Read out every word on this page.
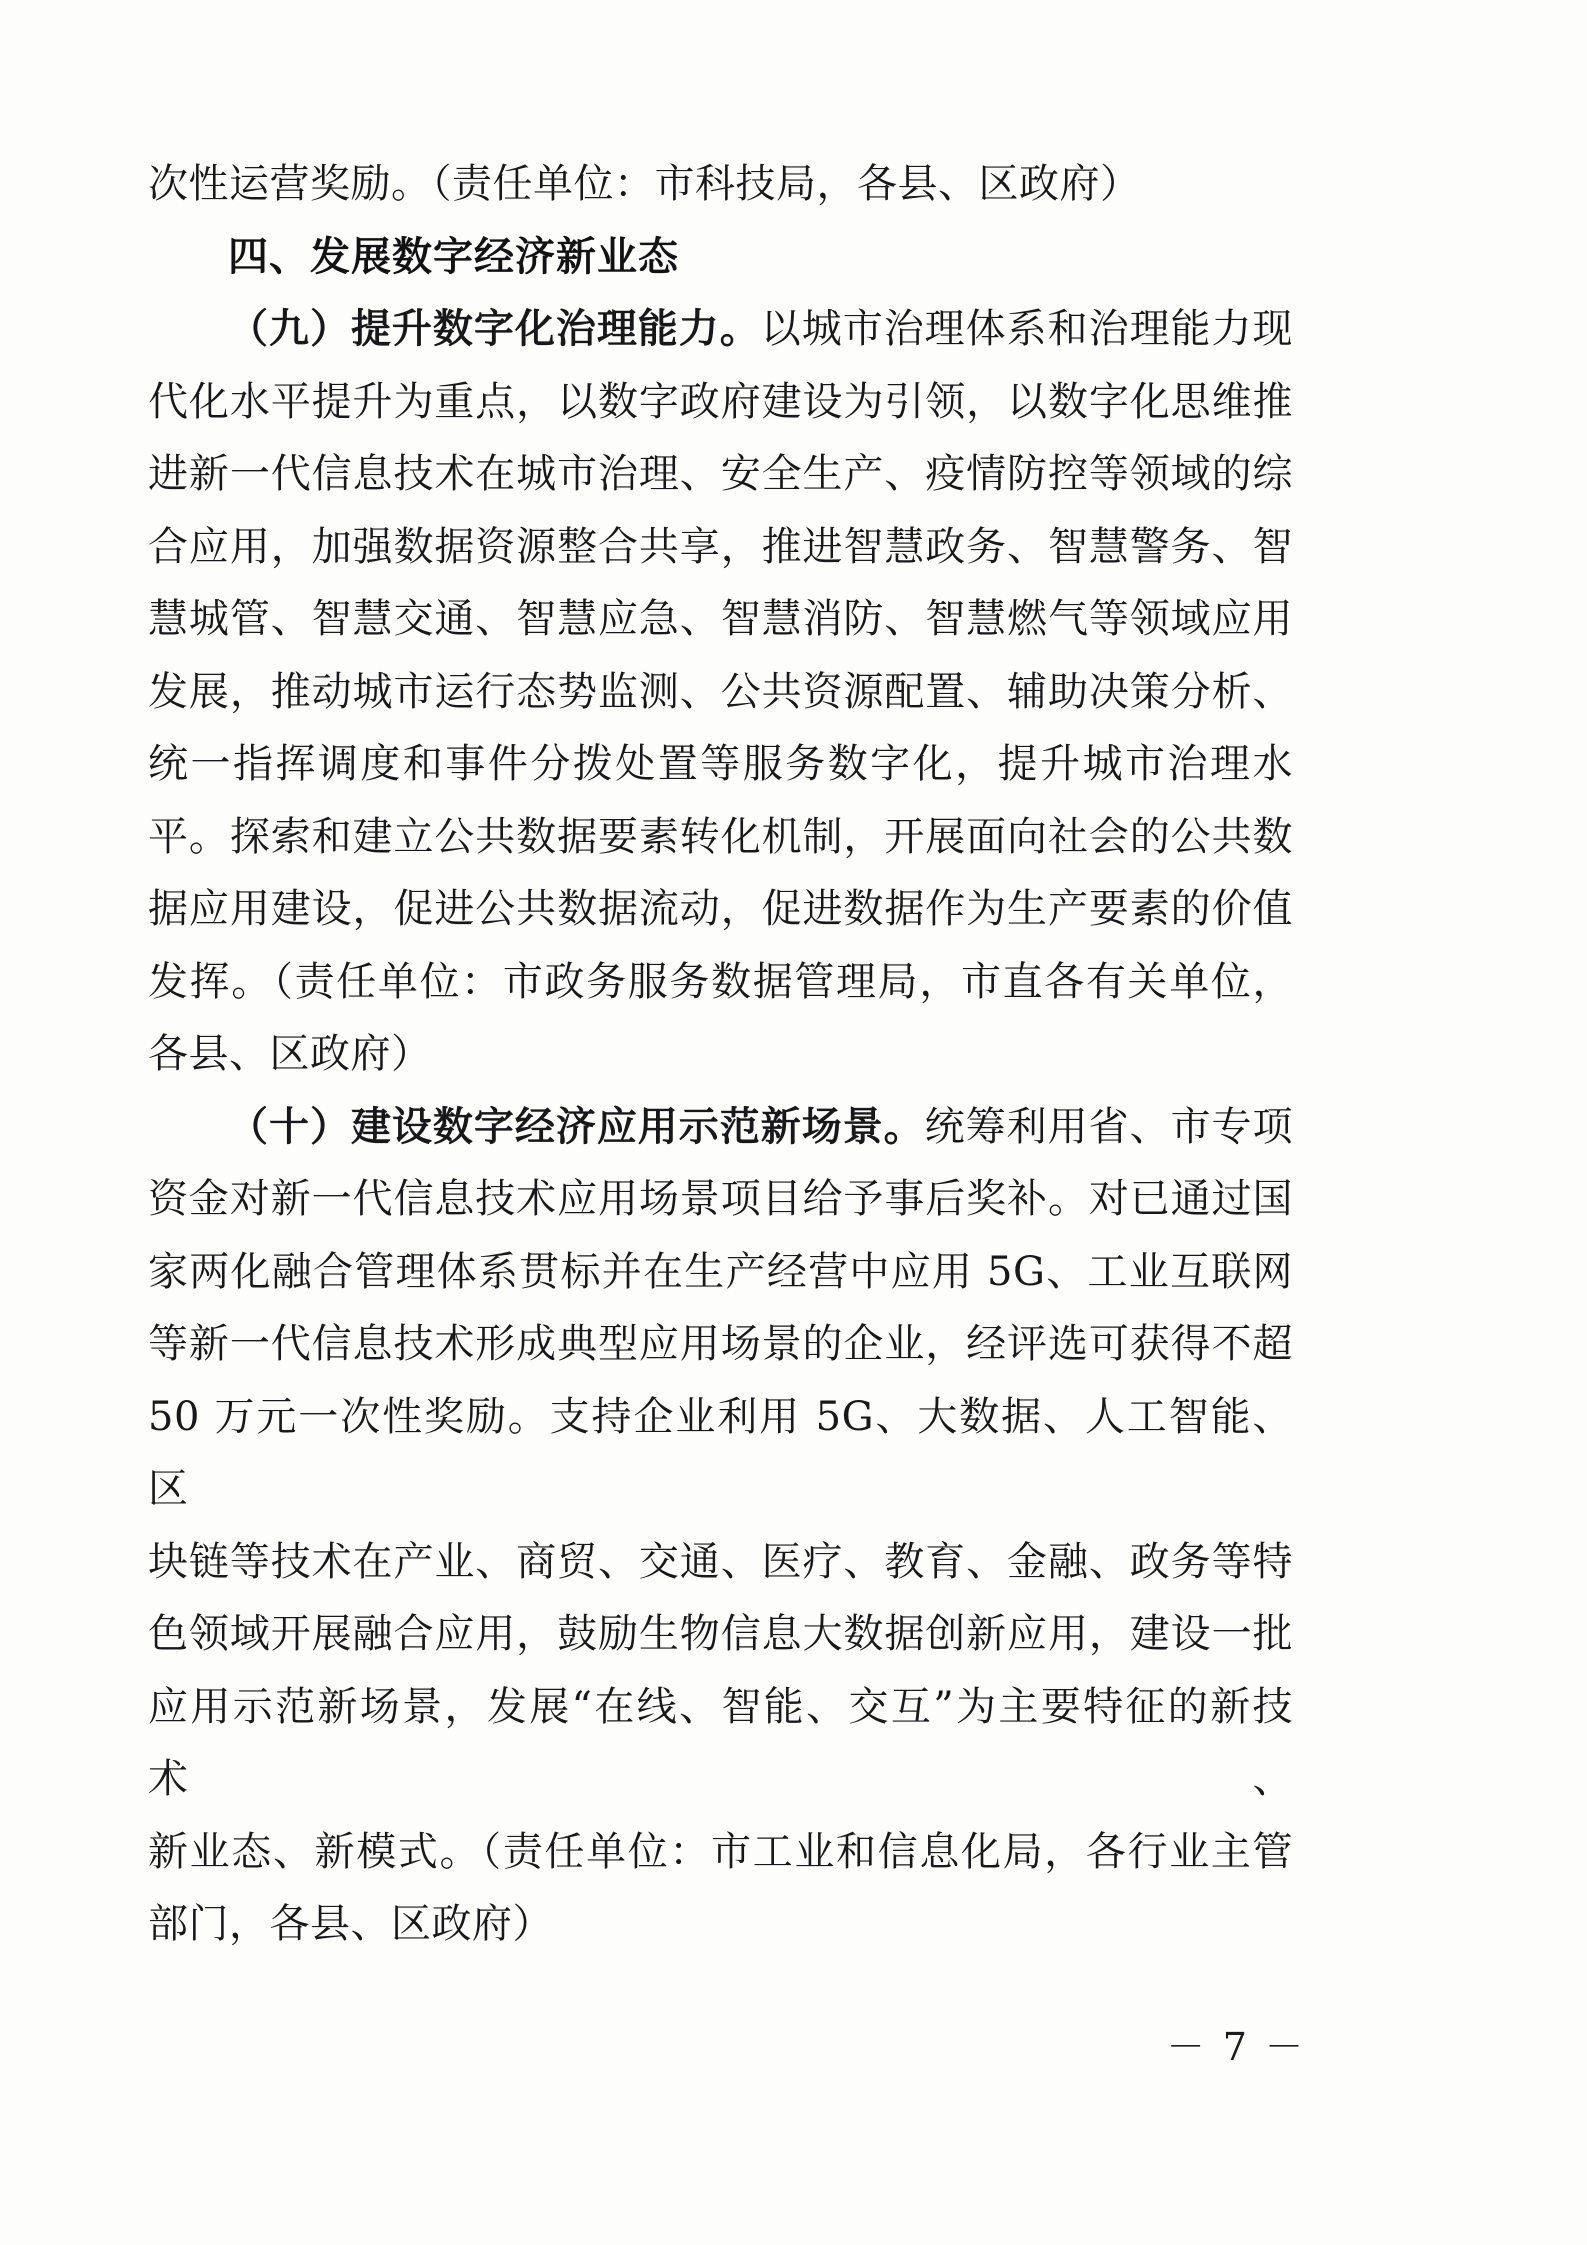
次性运营奖励。（责任单位：市科技局，各县、区政府）
四、发展数字经济新业态
（九）提升数字化治理能力。以城市治理体系和治理能力现
代化水平提升为重点，以数字政府建设为引领，以数字化思维推
进新一代信息技术在城市治理、安全生产、疫情防控等领域的综
合应用，加强数据资源整合共享，推进智慧政务、智慧警务、智
慧城管、智慧交通、智慧应急、智慧消防、智慧燃气等领域应用
发展，推动城市运行态势监测、公共资源配置、辅助决策分析、
统一指挥调度和事件分拨处置等服务数字化，提升城市治理水
平。探索和建立公共数据要素转化机制，开展面向社会的公共数
据应用建设，促进公共数据流动，促进数据作为生产要素的价值
发挥。（责任单位：市政务服务数据管理局，市直各有关单位，
各县、区政府）
（十）建设数字经济应用示范新场景。统筹利用省、市专项
资金对新一代信息技术应用场景项目给予事后奖补。对已通过国
家两化融合管理体系贯标并在生产经营中应用 5G、工业互联网
等新一代信息技术形成典型应用场景的企业，经评选可获得不超
50 万元一次性奖励。支持企业利用 5G、大数据、人工智能、区
块链等技术在产业、商贸、交通、医疗、教育、金融、政务等特
色领域开展融合应用，鼓励生物信息大数据创新应用，建设一批
应用示范新场景，发展“在线、智能、交互”为主要特征的新技术、
新业态、新模式。（责任单位：市工业和信息化局，各行业主管
部门，各县、区政府）
－ 7 －
